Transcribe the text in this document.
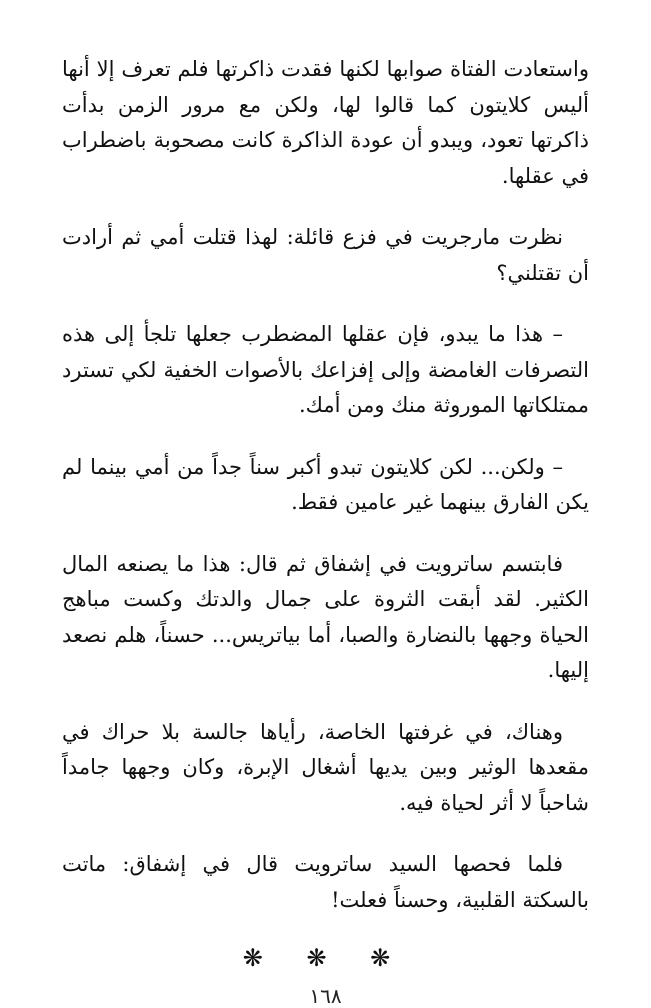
واستعادت الفتاة صوابها لكنها فقدت ذاكرتها فلم تعرف إلا أنها أليس كلايتون كما قالوا لها، ولكن مع مرور الزمن بدأت ذاكرتها تعود، ويبدو أن عودة الذاكرة كانت مصحوبة باضطراب في عقلها.

نظرت مارجريت في فزع قائلة: لهذا قتلت أمي ثم أرادت أن تقتلني؟

– هذا ما يبدو، فإن عقلها المضطرب جعلها تلجأ إلى هذه التصرفات الغامضة وإلى إفزاعك بالأصوات الخفية لكي تسترد ممتلكاتها الموروثة منك ومن أمك.

– ولكن... لكن كلايتون تبدو أكبر سناً جداً من أمي بينما لم يكن الفارق بينهما غير عامين فقط.

فابتسم ساترويت في إشفاق ثم قال: هذا ما يصنعه المال الكثير. لقد أبقت الثروة على جمال والدتك وكست مباهج الحياة وجهها بالنضارة والصبا، أما بياتريس... حسناً، هلم نصعد إليها.

وهناك، في غرفتها الخاصة، رأياها جالسة بلا حراك في مقعدها الوثير وبين يديها أشغال الإبرة، وكان وجهها جامداً شاحباً لا أثر لحياة فيه.

فلما فحصها السيد ساترويت قال في إشفاق: ماتت بالسكتة القلبية، وحسناً فعلت!

❋ ❋ ❋
١٦٨
